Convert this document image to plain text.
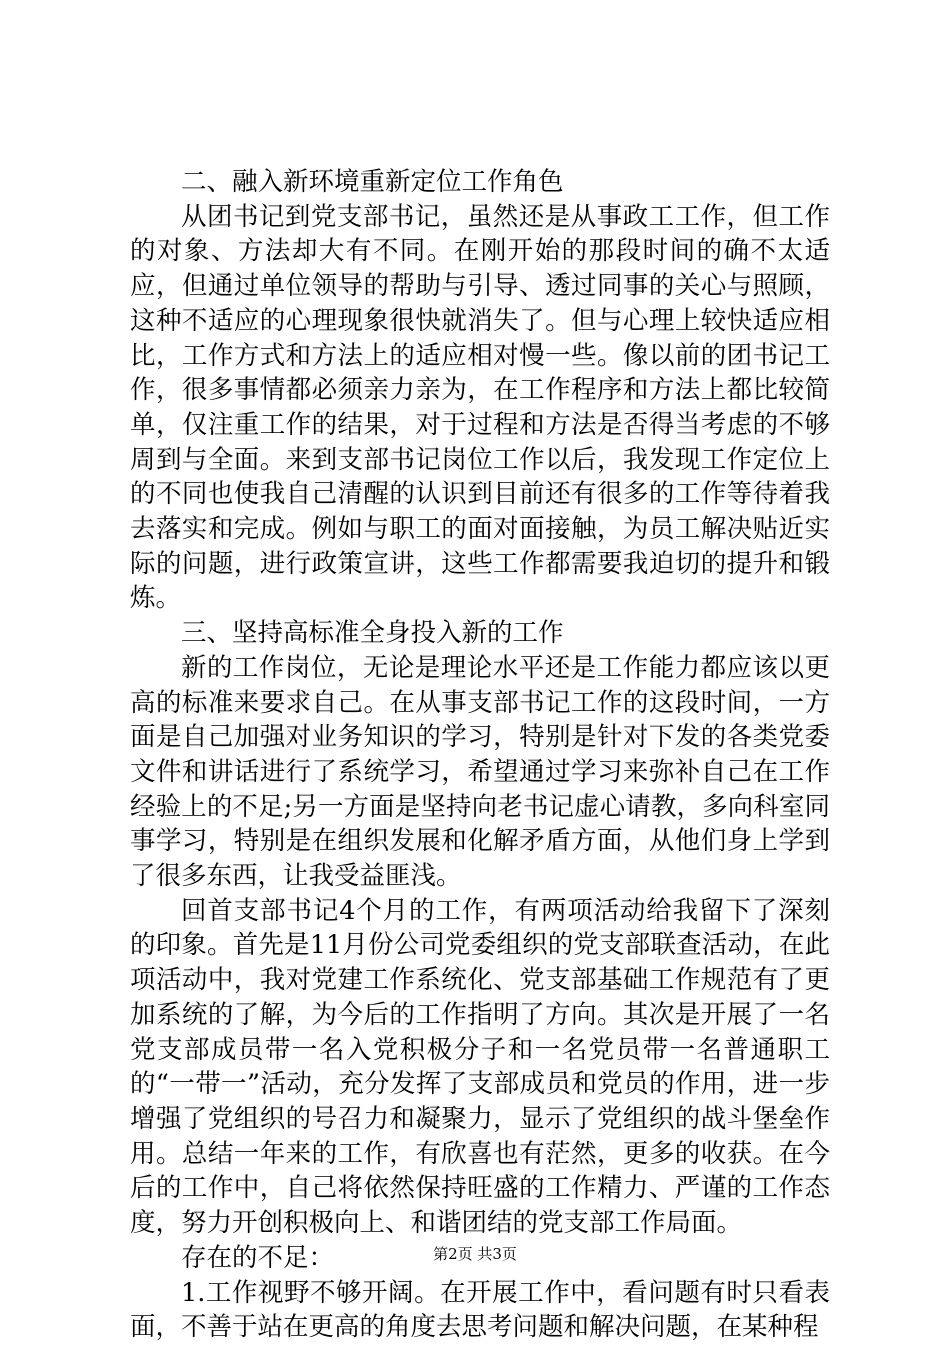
二、融入新环境重新定位工作角色

从团书记到党支部书记，虽然还是从事政工工作，但工作的对象、方法却大有不同。在刚开始的那段时间的确不太适应，但通过单位领导的帮助与引导、透过同事的关心与照顾，这种不适应的心理现象很快就消失了。但与心理上较快适应相比，工作方式和方法上的适应相对慢一些。像以前的团书记工作，很多事情都必须亲力亲为，在工作程序和方法上都比较简单，仅注重工作的结果，对于过程和方法是否得当考虑的不够周到与全面。来到支部书记岗位工作以后，我发现工作定位上的不同也使我自己清醒的认识到目前还有很多的工作等待着我去落实和完成。例如与职工的面对面接触，为员工解决贴近实际的问题，进行政策宣讲，这些工作都需要我迫切的提升和锻炼。

三、坚持高标准全身投入新的工作

新的工作岗位，无论是理论水平还是工作能力都应该以更高的标准来要求自己。在从事支部书记工作的这段时间，一方面是自己加强对业务知识的学习，特别是针对下发的各类党委文件和讲话进行了系统学习，希望通过学习来弥补自己在工作经验上的不足;另一方面是坚持向老书记虚心请教，多向科室同事学习，特别是在组织发展和化解矛盾方面，从他们身上学到了很多东西，让我受益匪浅。

回首支部书记4个月的工作，有两项活动给我留下了深刻的印象。首先是11月份公司党委组织的党支部联查活动，在此项活动中，我对党建工作系统化、党支部基础工作规范有了更加系统的了解，为今后的工作指明了方向。其次是开展了一名党支部成员带一名入党积极分子和一名党员带一名普通职工的“一带一”活动，充分发挥了支部成员和党员的作用，进一步增强了党组织的号召力和凝聚力，显示了党组织的战斗堡垒作用。总结一年来的工作，有欣喜也有茫然，更多的收获。在今后的工作中，自己将依然保持旺盛的工作精力、严谨的工作态度，努力开创积极向上、和谐团结的党支部工作局面。

存在的不足：

1.工作视野不够开阔。在开展工作中，看问题有时只看表面，不善于站在更高的角度去思考问题和解决问题，在某种程

第2页 共3页
